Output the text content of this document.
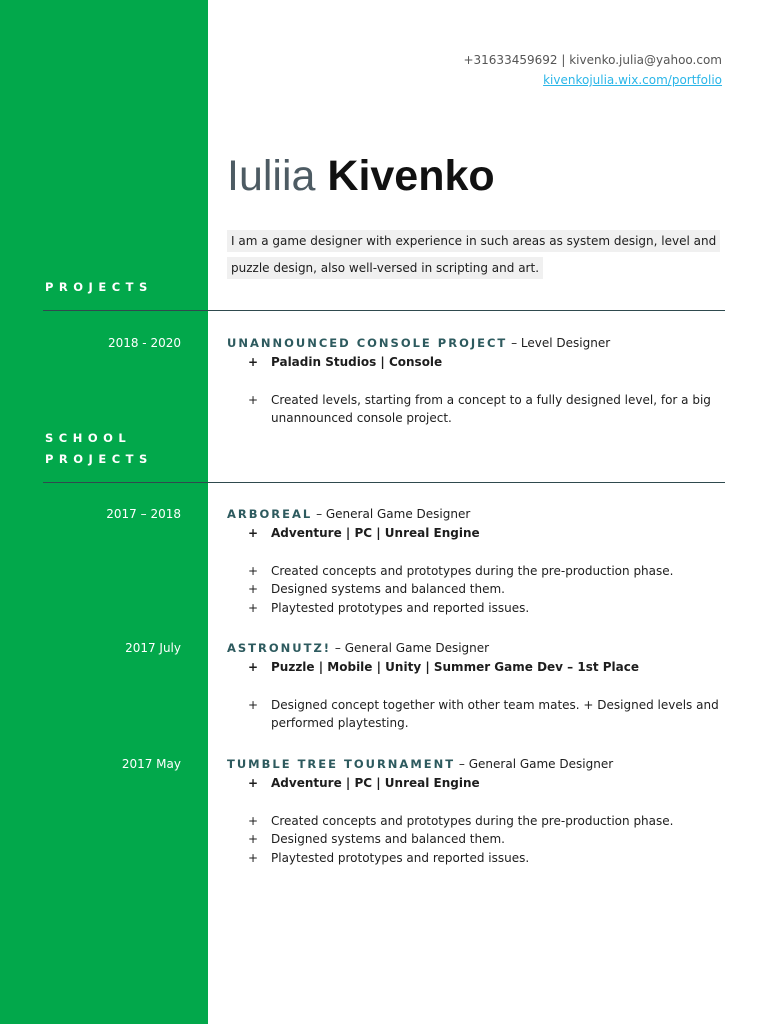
PROJECTS
SCHOOL
PROJECTS
+31633459692 | kivenko.julia@yahoo.com
kivenkojulia.wix.com/portfolio
Iuliia Kivenko
I am a game designer with experience in such areas as system design, level and puzzle design, also well-versed in scripting and art.
2018 - 2020	UNANNOUNCED CONSOLE PROJECT – Level Designer
+ Paladin Studios | Console
+ Created levels, starting from a concept to a fully designed level, for a big unannounced console project.
2017 – 2018	ARBOREAL – General Game Designer
+ Adventure | PC | Unreal Engine
+ Created concepts and prototypes during the pre-production phase.
+ Designed systems and balanced them.
+ Playtested prototypes and reported issues.
2017 July	ASTRONUTZ! – General Game Designer
+ Puzzle | Mobile | Unity | Summer Game Dev – 1st Place
+ Designed concept together with other team mates. + Designed levels and performed playtesting.
2017 May	TUMBLE TREE TOURNAMENT – General Game Designer
+ Adventure | PC | Unreal Engine
+ Created concepts and prototypes during the pre-production phase.
+ Designed systems and balanced them.
+ Playtested prototypes and reported issues.
